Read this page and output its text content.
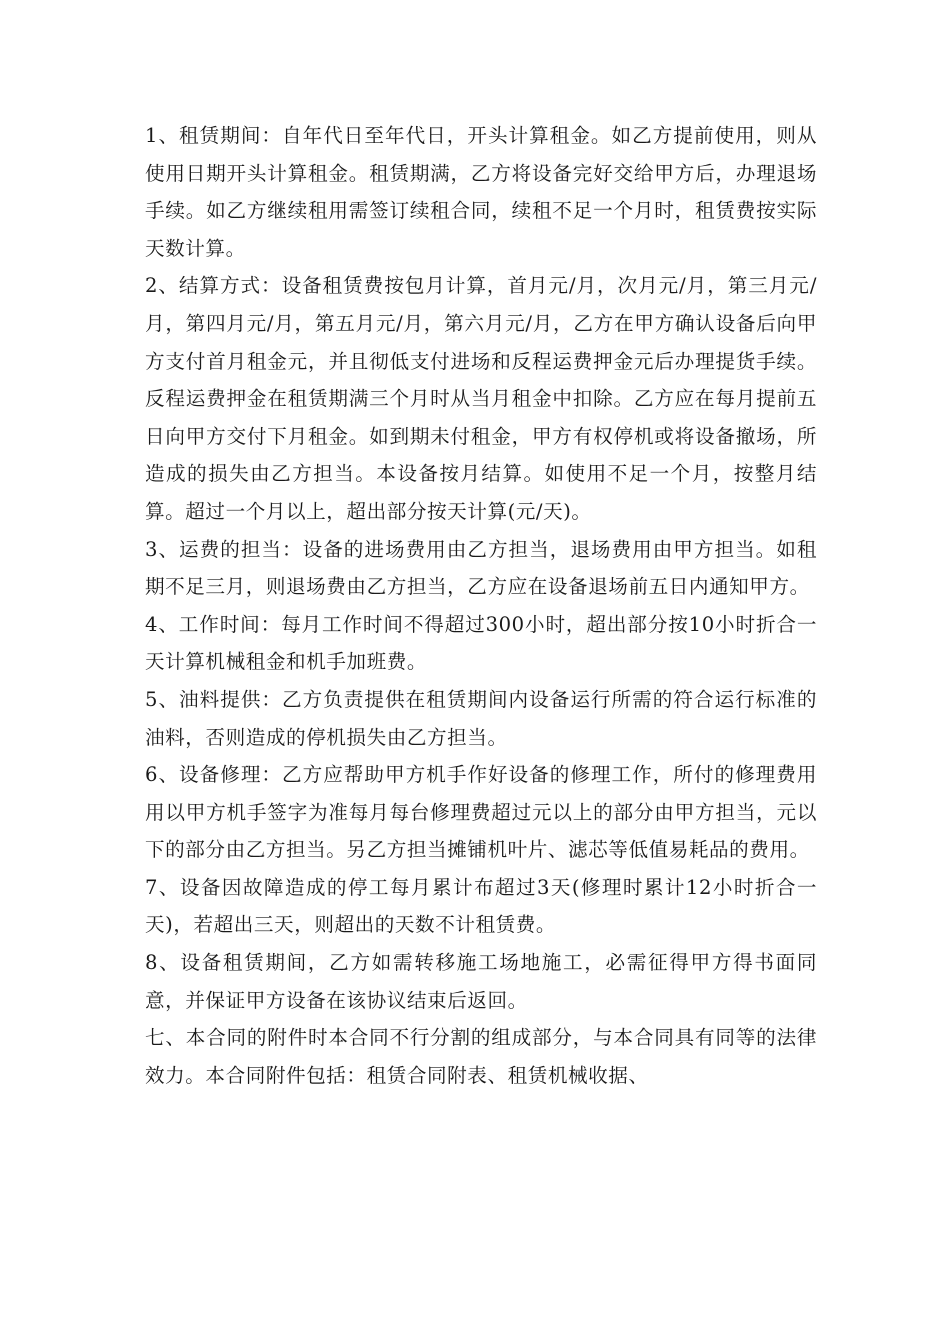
1、租赁期间：自年代日至年代日，开头计算租金。如乙方提前使用，则从使用日期开头计算租金。租赁期满，乙方将设备完好交给甲方后，办理退场手续。如乙方继续租用需签订续租合同，续租不足一个月时，租赁费按实际天数计算。

2、结算方式：设备租赁费按包月计算，首月元/月，次月元/月，第三月元/月，第四月元/月，第五月元/月，第六月元/月，乙方在甲方确认设备后向甲方支付首月租金元，并且彻低支付进场和反程运费押金元后办理提货手续。反程运费押金在租赁期满三个月时从当月租金中扣除。乙方应在每月提前五日向甲方交付下月租金。如到期未付租金，甲方有权停机或将设备撤场，所造成的损失由乙方担当。本设备按月结算。如使用不足一个月，按整月结算。超过一个月以上，超出部分按天计算(元/天)。

3、运费的担当：设备的进场费用由乙方担当，退场费用由甲方担当。如租期不足三月，则退场费由乙方担当，乙方应在设备退场前五日内通知甲方。

4、工作时间：每月工作时间不得超过300小时，超出部分按10小时折合一天计算机械租金和机手加班费。

5、油料提供：乙方负责提供在租赁期间内设备运行所需的符合运行标准的油料，否则造成的停机损失由乙方担当。

6、设备修理：乙方应帮助甲方机手作好设备的修理工作，所付的修理费用用以甲方机手签字为准每月每台修理费超过元以上的部分由甲方担当，元以下的部分由乙方担当。另乙方担当摊铺机叶片、滤芯等低值易耗品的费用。

7、设备因故障造成的停工每月累计布超过3天(修理时累计12小时折合一天)，若超出三天，则超出的天数不计租赁费。

8、设备租赁期间，乙方如需转移施工场地施工，必需征得甲方得书面同意，并保证甲方设备在该协议结束后返回。

七、本合同的附件时本合同不行分割的组成部分，与本合同具有同等的法律效力。本合同附件包括：租赁合同附表、租赁机械收据、
